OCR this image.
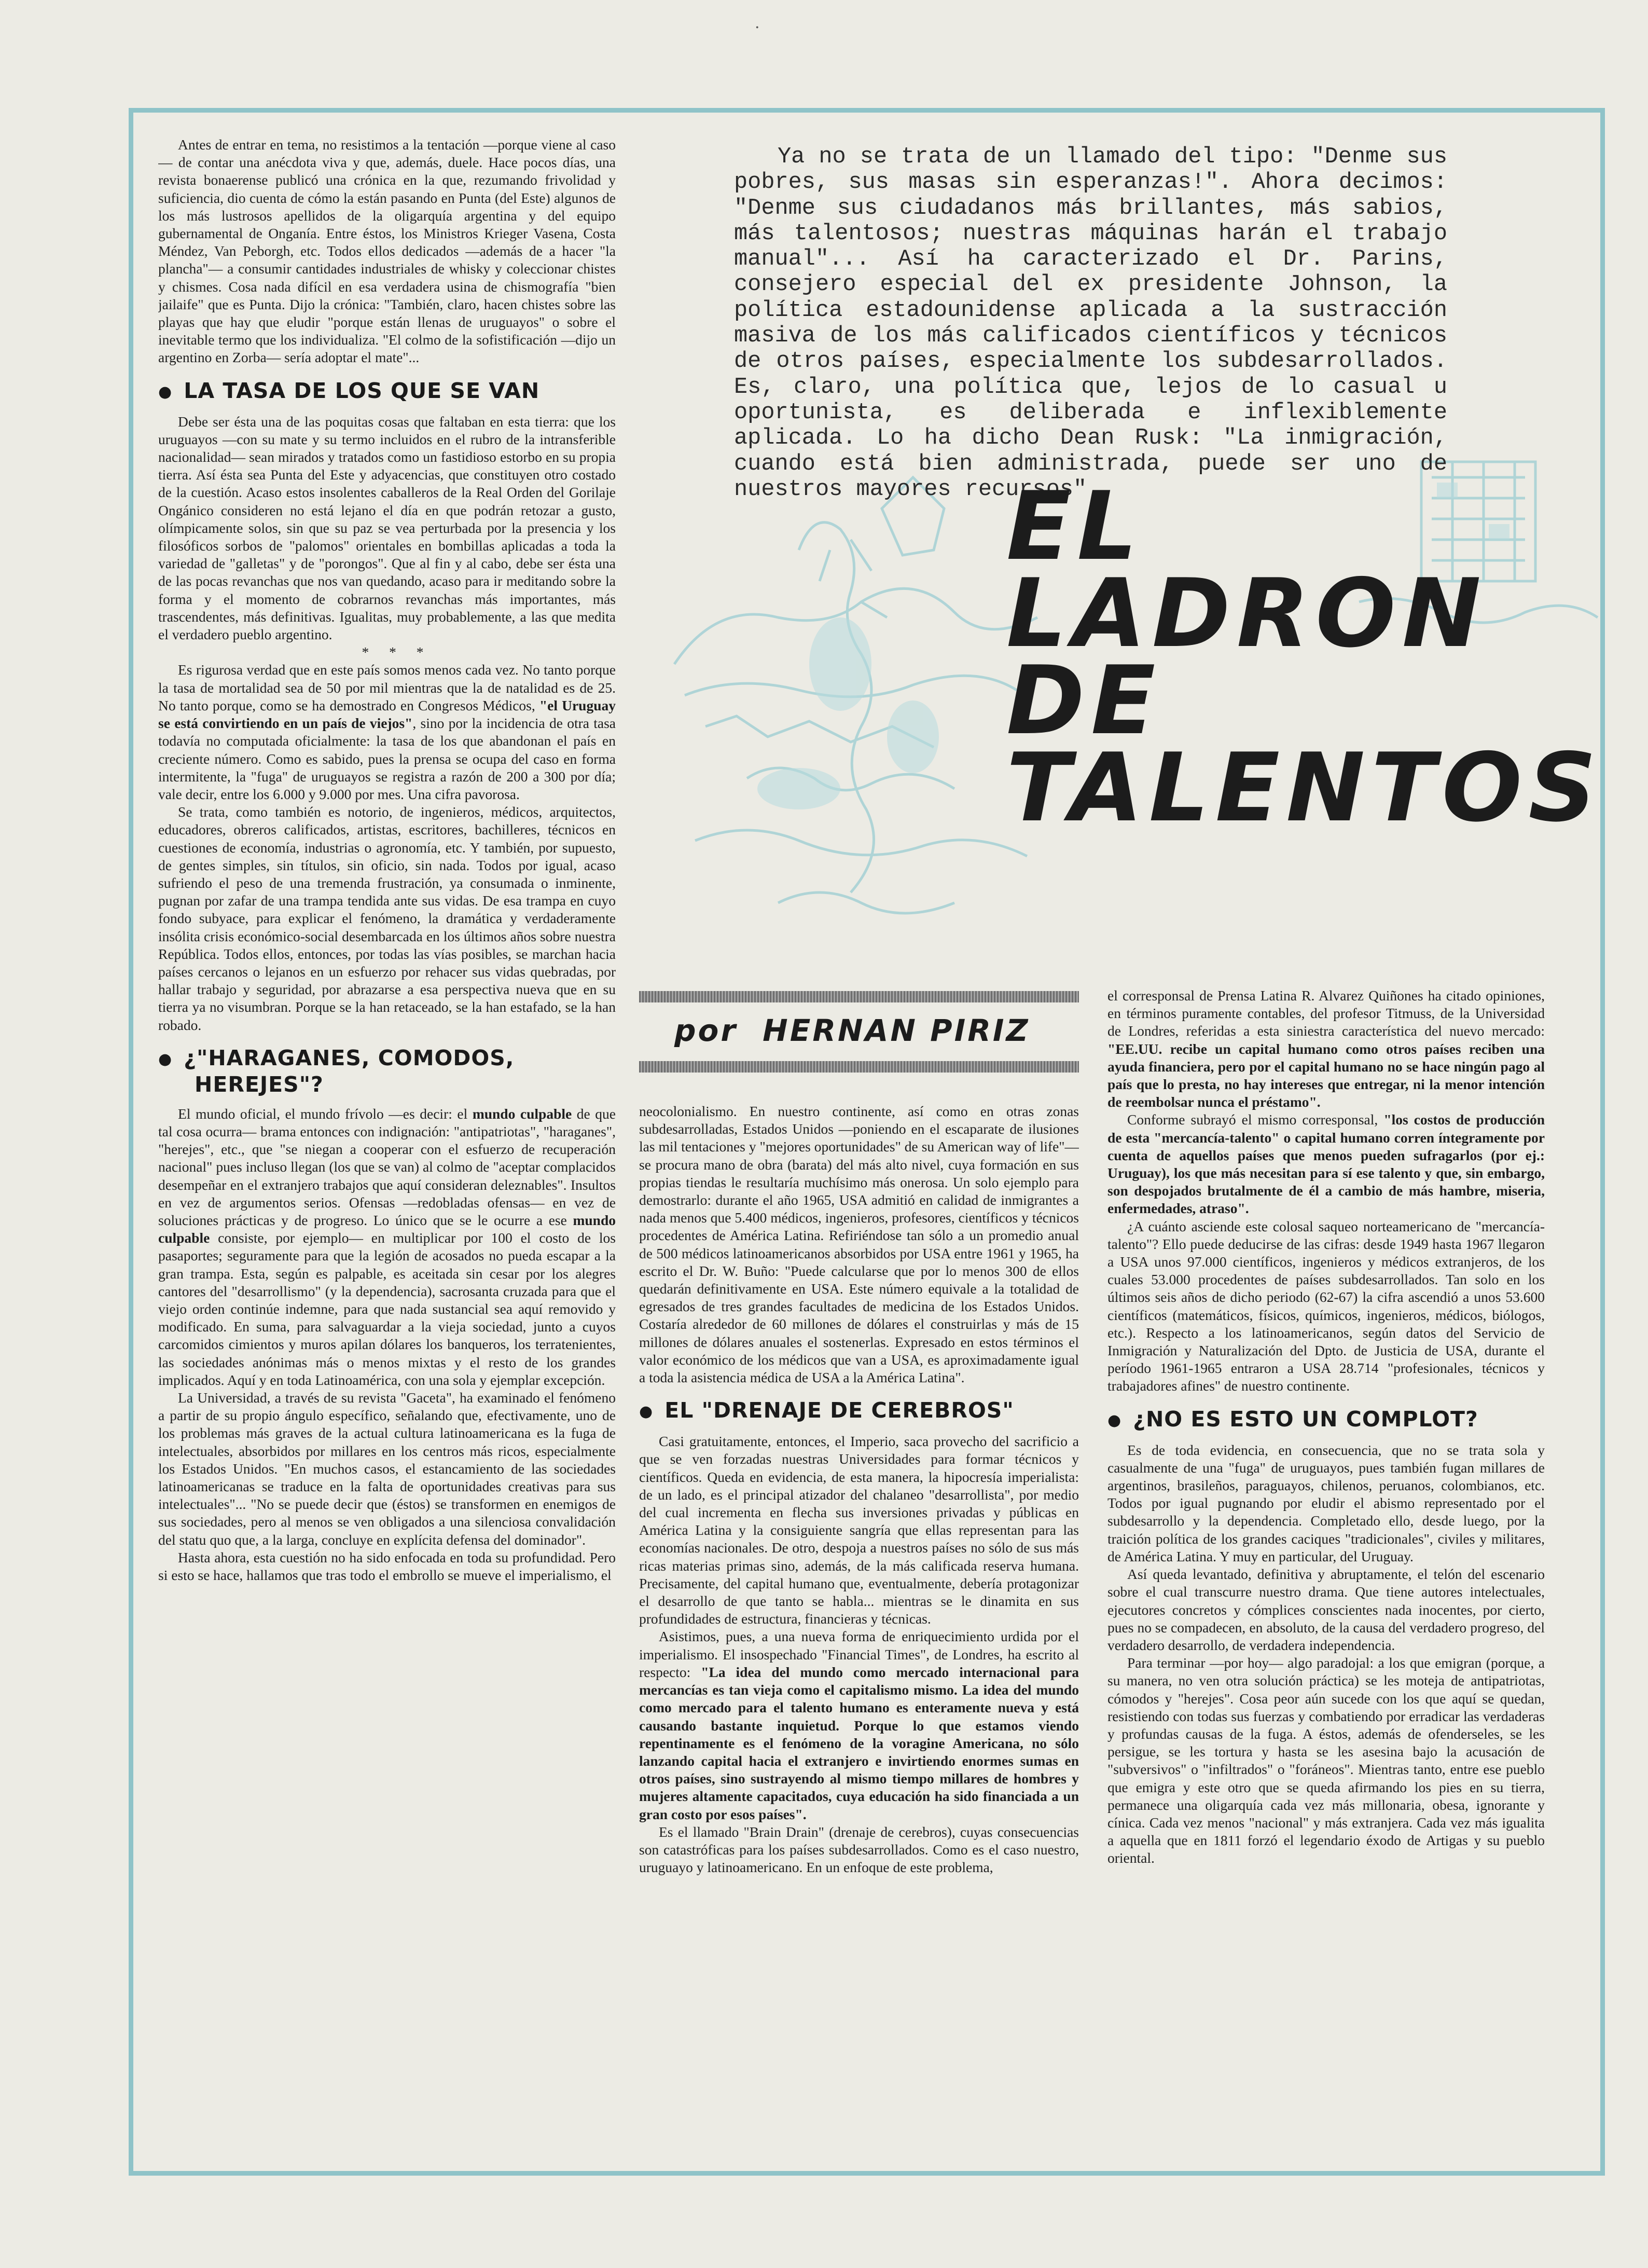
·

Ya no se trata de un llamado del tipo: "Denme sus pobres, sus masas sin esperanzas!". Ahora decimos: "Denme sus ciudadanos más brillantes, más sabios, más talentosos; nuestras máquinas harán el trabajo manual"... Así ha caracterizado el Dr. Parins, consejero especial del ex presidente Johnson, la política estadounidense aplicada a la sustracción masiva de los más calificados científicos y técnicos de otros países, especialmente los subdesarrollados. Es, claro, una política que, lejos de lo casual u oportunista, es deliberada e inflexiblemente aplicada. Lo ha dicho Dean Rusk: "La inmigración, cuando está bien administrada, puede ser uno de nuestros mayores recursos".

EL
LADRON
DE
TALENTOS
por HERNAN PIRIZ

Antes de entrar en tema, no resistimos a la tentación —porque viene al caso— de contar una anécdota viva y que, además, duele. Hace pocos días, una revista bonaerense publicó una crónica en la que, rezumando frivolidad y suficiencia, dio cuenta de cómo la están pasando en Punta (del Este) algunos de los más lustrosos apellidos de la oligarquía argentina y del equipo gubernamental de Onganía. Entre éstos, los Ministros Krieger Vasena, Costa Méndez, Van Peborgh, etc. Todos ellos dedicados —además de a hacer "la plancha"— a consumir cantidades industriales de whisky y coleccionar chistes y chismes. Cosa nada difícil en esa verdadera usina de chismografía "bien jailaife" que es Punta. Dijo la crónica: "También, claro, hacen chistes sobre las playas que hay que eludir "porque están llenas de uruguayos" o sobre el inevitable termo que los individualiza. "El colmo de la sofistificación —dijo un argentino en Zorba— sería adoptar el mate"...

● LA TASA DE LOS QUE SE VAN

Debe ser ésta una de las poquitas cosas que faltaban en esta tierra: que los uruguayos —con su mate y su termo incluidos en el rubro de la intransferible nacionalidad— sean mirados y tratados como un fastidioso estorbo en su propia tierra. Así ésta sea Punta del Este y adyacencias, que constituyen otro costado de la cuestión. Acaso estos insolentes caballeros de la Real Orden del Gorilaje Ongánico consideren no está lejano el día en que podrán retozar a gusto, olímpicamente solos, sin que su paz se vea perturbada por la presencia y los filosóficos sorbos de "palomos" orientales en bombillas aplicadas a toda la variedad de "galletas" y de "porongos". Que al fin y al cabo, debe ser ésta una de las pocas revanchas que nos van quedando, acaso para ir meditando sobre la forma y el momento de cobrarnos revanchas más importantes, más trascendentes, más definitivas. Igualitas, muy probablemente, a las que medita el verdadero pueblo argentino.

* * *

Es rigurosa verdad que en este país somos menos cada vez. No tanto porque la tasa de mortalidad sea de 50 por mil mientras que la de natalidad es de 25. No tanto porque, como se ha demostrado en Congresos Médicos, "el Uruguay se está convirtiendo en un país de viejos", sino por la incidencia de otra tasa todavía no computada oficialmente: la tasa de los que abandonan el país en creciente número. Como es sabido, pues la prensa se ocupa del caso en forma intermitente, la "fuga" de uruguayos se registra a razón de 200 a 300 por día; vale decir, entre los 6.000 y 9.000 por mes. Una cifra pavorosa.

Se trata, como también es notorio, de ingenieros, médicos, arquitectos, educadores, obreros calificados, artistas, escritores, bachilleres, técnicos en cuestiones de economía, industrias o agronomía, etc. Y también, por supuesto, de gentes simples, sin títulos, sin oficio, sin nada. Todos por igual, acaso sufriendo el peso de una tremenda frustración, ya consumada o inminente, pugnan por zafar de una trampa tendida ante sus vidas. De esa trampa en cuyo fondo subyace, para explicar el fenómeno, la dramática y verdaderamente insólita crisis económico-social desembarcada en los últimos años sobre nuestra República. Todos ellos, entonces, por todas las vías posibles, se marchan hacia países cercanos o lejanos en un esfuerzo por rehacer sus vidas quebradas, por hallar trabajo y seguridad, por abrazarse a esa perspectiva nueva que en su tierra ya no visumbran. Porque se la han retaceado, se la han estafado, se la han robado.

● ¿"HARAGANES, COMODOS,
HEREJES"?

El mundo oficial, el mundo frívolo —es decir: el mundo culpable de que tal cosa ocurra— brama entonces con indignación: "antipatriotas", "haraganes", "herejes", etc., que "se niegan a cooperar con el esfuerzo de recuperación nacional" pues incluso llegan (los que se van) al colmo de "aceptar complacidos desempeñar en el extranjero trabajos que aquí consideran deleznables". Insultos en vez de argumentos serios. Ofensas —redobladas ofensas— en vez de soluciones prácticas y de progreso. Lo único que se le ocurre a ese mundo culpable consiste, por ejemplo— en multiplicar por 100 el costo de los pasaportes; seguramente para que la legión de acosados no pueda escapar a la gran trampa. Esta, según es palpable, es aceitada sin cesar por los alegres cantores del "desarrollismo" (y la dependencia), sacrosanta cruzada para que el viejo orden continúe indemne, para que nada sustancial sea aquí removido y modificado. En suma, para salvaguardar a la vieja sociedad, junto a cuyos carcomidos cimientos y muros apilan dólares los banqueros, los terratenientes, las sociedades anónimas más o menos mixtas y el resto de los grandes implicados. Aquí y en toda Latinoamérica, con una sola y ejemplar excepción.

La Universidad, a través de su revista "Gaceta", ha examinado el fenómeno a partir de su propio ángulo específico, señalando que, efectivamente, uno de los problemas más graves de la actual cultura latinoamericana es la fuga de intelectuales, absorbidos por millares en los centros más ricos, especialmente los Estados Unidos. "En muchos casos, el estancamiento de las sociedades latinoamericanas se traduce en la falta de oportunidades creativas para sus intelectuales"... "No se puede decir que (éstos) se transformen en enemigos de sus sociedades, pero al menos se ven obligados a una silenciosa convalidación del statu quo que, a la larga, concluye en explícita defensa del dominador".

Hasta ahora, esta cuestión no ha sido enfocada en toda su profundidad. Pero si esto se hace, hallamos que tras todo el embrollo se mueve el imperialismo, el

neocolonialismo. En nuestro continente, así como en otras zonas subdesarrolladas, Estados Unidos —poniendo en el escaparate de ilusiones las mil tentaciones y "mejores oportunidades" de su American way of life"— se procura mano de obra (barata) del más alto nivel, cuya formación en sus propias tiendas le resultaría muchísimo más onerosa. Un solo ejemplo para demostrarlo: durante el año 1965, USA admitió en calidad de inmigrantes a nada menos que 5.400 médicos, ingenieros, profesores, científicos y técnicos procedentes de América Latina. Refiriéndose tan sólo a un promedio anual de 500 médicos latinoamericanos absorbidos por USA entre 1961 y 1965, ha escrito el Dr. W. Buño: "Puede calcularse que por lo menos 300 de ellos quedarán definitivamente en USA. Este número equivale a la totalidad de egresados de tres grandes facultades de medicina de los Estados Unidos. Costaría alrededor de 60 millones de dólares el construirlas y más de 15 millones de dólares anuales el sostenerlas. Expresado en estos términos el valor económico de los médicos que van a USA, es aproximadamente igual a toda la asistencia médica de USA a la América Latina".

● EL "DRENAJE DE CEREBROS"

Casi gratuitamente, entonces, el Imperio, saca provecho del sacrificio a que se ven forzadas nuestras Universidades para formar técnicos y científicos. Queda en evidencia, de esta manera, la hipocresía imperialista: de un lado, es el principal atizador del chalaneo "desarrollista", por medio del cual incrementa en flecha sus inversiones privadas y públicas en América Latina y la consiguiente sangría que ellas representan para las economías nacionales. De otro, despoja a nuestros países no sólo de sus más ricas materias primas sino, además, de la más calificada reserva humana. Precisamente, del capital humano que, eventualmente, debería protagonizar el desarrollo de que tanto se habla... mientras se le dinamita en sus profundidades de estructura, financieras y técnicas.

Asistimos, pues, a una nueva forma de enriquecimiento urdida por el imperialismo. El insospechado "Financial Times", de Londres, ha escrito al respecto: "La idea del mundo como mercado internacional para mercancías es tan vieja como el capitalismo mismo. La idea del mundo como mercado para el talento humano es enteramente nueva y está causando bastante inquietud. Porque lo que estamos viendo repentinamente es el fenómeno de la voragine Americana, no sólo lanzando capital hacia el extranjero e invirtiendo enormes sumas en otros países, sino sustrayendo al mismo tiempo millares de hombres y mujeres altamente capacitados, cuya educación ha sido financiada a un gran costo por esos países".

Es el llamado "Brain Drain" (drenaje de cerebros), cuyas consecuencias son catastróficas para los países subdesarrollados. Como es el caso nuestro, uruguayo y latinoamericano. En un enfoque de este problema,

el corresponsal de Prensa Latina R. Alvarez Quiñones ha citado opiniones, en términos puramente contables, del profesor Titmuss, de la Universidad de Londres, referidas a esta siniestra característica del nuevo mercado: "EE.UU. recibe un capital humano como otros países reciben una ayuda financiera, pero por el capital humano no se hace ningún pago al país que lo presta, no hay intereses que entregar, ni la menor intención de reembolsar nunca el préstamo".

Conforme subrayó el mismo corresponsal, "los costos de producción de esta "mercancía-talento" o capital humano corren íntegramente por cuenta de aquellos países que menos pueden sufragarlos (por ej.: Uruguay), los que más necesitan para sí ese talento y que, sin embargo, son despojados brutalmente de él a cambio de más hambre, miseria, enfermedades, atraso".

¿A cuánto asciende este colosal saqueo norteamericano de "mercancía-talento"? Ello puede deducirse de las cifras: desde 1949 hasta 1967 llegaron a USA unos 97.000 científicos, ingenieros y médicos extranjeros, de los cuales 53.000 procedentes de países subdesarrollados. Tan solo en los últimos seis años de dicho periodo (62-67) la cifra ascendió a unos 53.600 científicos (matemáticos, físicos, químicos, ingenieros, médicos, biólogos, etc.). Respecto a los latinoamericanos, según datos del Servicio de Inmigración y Naturalización del Dpto. de Justicia de USA, durante el período 1961-1965 entraron a USA 28.714 "profesionales, técnicos y trabajadores afines" de nuestro continente.

● ¿NO ES ESTO UN COMPLOT?

Es de toda evidencia, en consecuencia, que no se trata sola y casualmente de una "fuga" de uruguayos, pues también fugan millares de argentinos, brasileños, paraguayos, chilenos, peruanos, colombianos, etc. Todos por igual pugnando por eludir el abismo representado por el subdesarrollo y la dependencia. Completado ello, desde luego, por la traición política de los grandes caciques "tradicionales", civiles y militares, de América Latina. Y muy en particular, del Uruguay.

Así queda levantado, definitiva y abruptamente, el telón del escenario sobre el cual transcurre nuestro drama. Que tiene autores intelectuales, ejecutores concretos y cómplices conscientes nada inocentes, por cierto, pues no se compadecen, en absoluto, de la causa del verdadero progreso, del verdadero desarrollo, de verdadera independencia.

Para terminar —por hoy— algo paradojal: a los que emigran (porque, a su manera, no ven otra solución práctica) se les moteja de antipatriotas, cómodos y "herejes". Cosa peor aún sucede con los que aquí se quedan, resistiendo con todas sus fuerzas y combatiendo por erradicar las verdaderas y profundas causas de la fuga. A éstos, además de ofenderseles, se les persigue, se les tortura y hasta se les asesina bajo la acusación de "subversivos" o "infiltrados" o "foráneos". Mientras tanto, entre ese pueblo que emigra y este otro que se queda afirmando los pies en su tierra, permanece una oligarquía cada vez más millonaria, obesa, ignorante y cínica. Cada vez menos "nacional" y más extranjera. Cada vez más igualita a aquella que en 1811 forzó el legendario éxodo de Artigas y su pueblo oriental.
